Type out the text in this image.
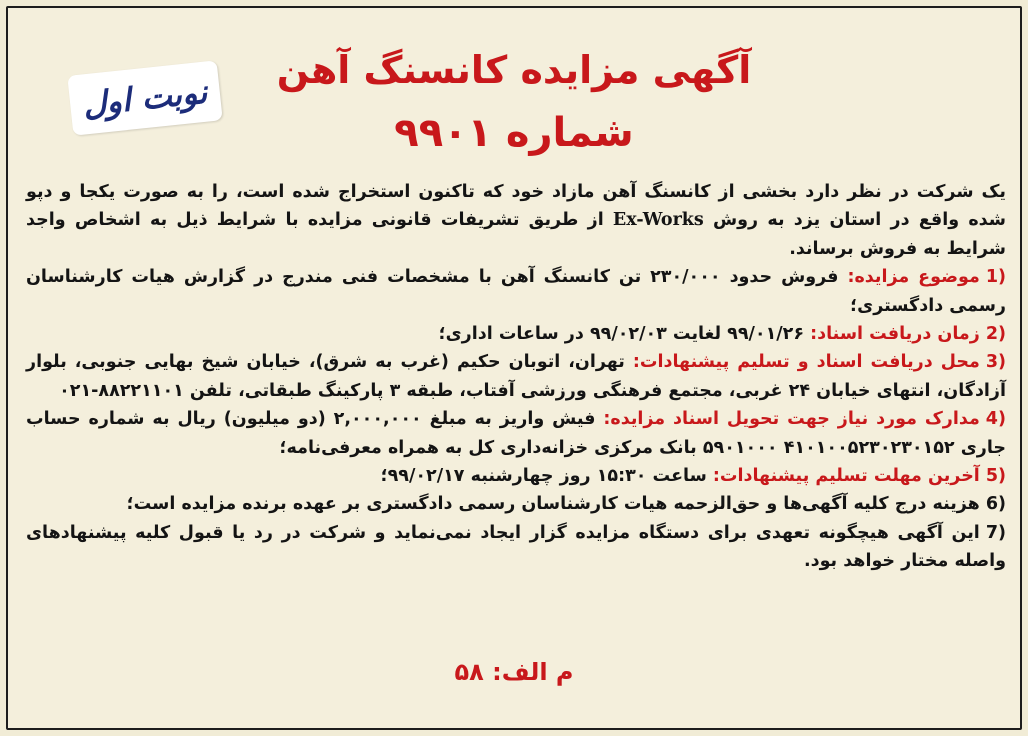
نوبت اول
آگهی مزایده کانسنگ آهن
شماره ۹۹۰۱

یک شرکت در نظر دارد بخشی از کانسنگ آهن مازاد خود که تاکنون استخراج شده است، را به صورت یکجا و دپو شده واقع در استان یزد به روش Ex-Works از طریق تشریفات قانونی مزایده با شرایط ذیل به اشخاص واجد شرایط به فروش برساند.

1)موضوع مزایده: فروش حدود ۲۳۰/۰۰۰ تن کانسنگ آهن با مشخصات فنی مندرج در گزارش هیات کارشناسان رسمی دادگستری؛

2)زمان دریافت اسناد: ۹۹/۰۱/۲۶ لغایت ۹۹/۰۲/۰۳ در ساعات اداری؛

3)محل دریافت اسناد و تسلیم پیشنهادات: تهران، اتوبان حکیم (غرب به شرق)، خیابان شیخ بهایی جنوبی، بلوار آزادگان، انتهای خیابان ۲۴ غربی، مجتمع فرهنگی ورزشی آفتاب، طبقه ۳ پارکینگ طبقاتی، تلفن ۸۸۲۲۱۱۰۱-۰۲۱

4)مدارک مورد نیاز جهت تحویل اسناد مزایده: فیش واریز به مبلغ ۲,۰۰۰,۰۰۰ (دو میلیون) ریال به شماره حساب جاری ۴۱۰۱۰۰۵۲۳۰۲۳۰۱۵۲ ۵۹۰۱۰۰۰ بانک مرکزی خزانه‌داری کل به همراه معرفی‌نامه؛

5)آخرین مهلت تسلیم پیشنهادات: ساعت ۱۵:۳۰ روز چهارشنبه ۹۹/۰۲/۱۷؛

6)هزینه درج کلیه آگهی‌ها و حق‌الزحمه هیات کارشناسان رسمی دادگستری بر عهده برنده مزایده است؛

7)این آگهی هیچگونه تعهدی برای دستگاه مزایده گزار ایجاد نمی‌نماید و شرکت در رد یا قبول کلیه پیشنهادهای واصله مختار خواهد بود.

م الف: ۵۸
